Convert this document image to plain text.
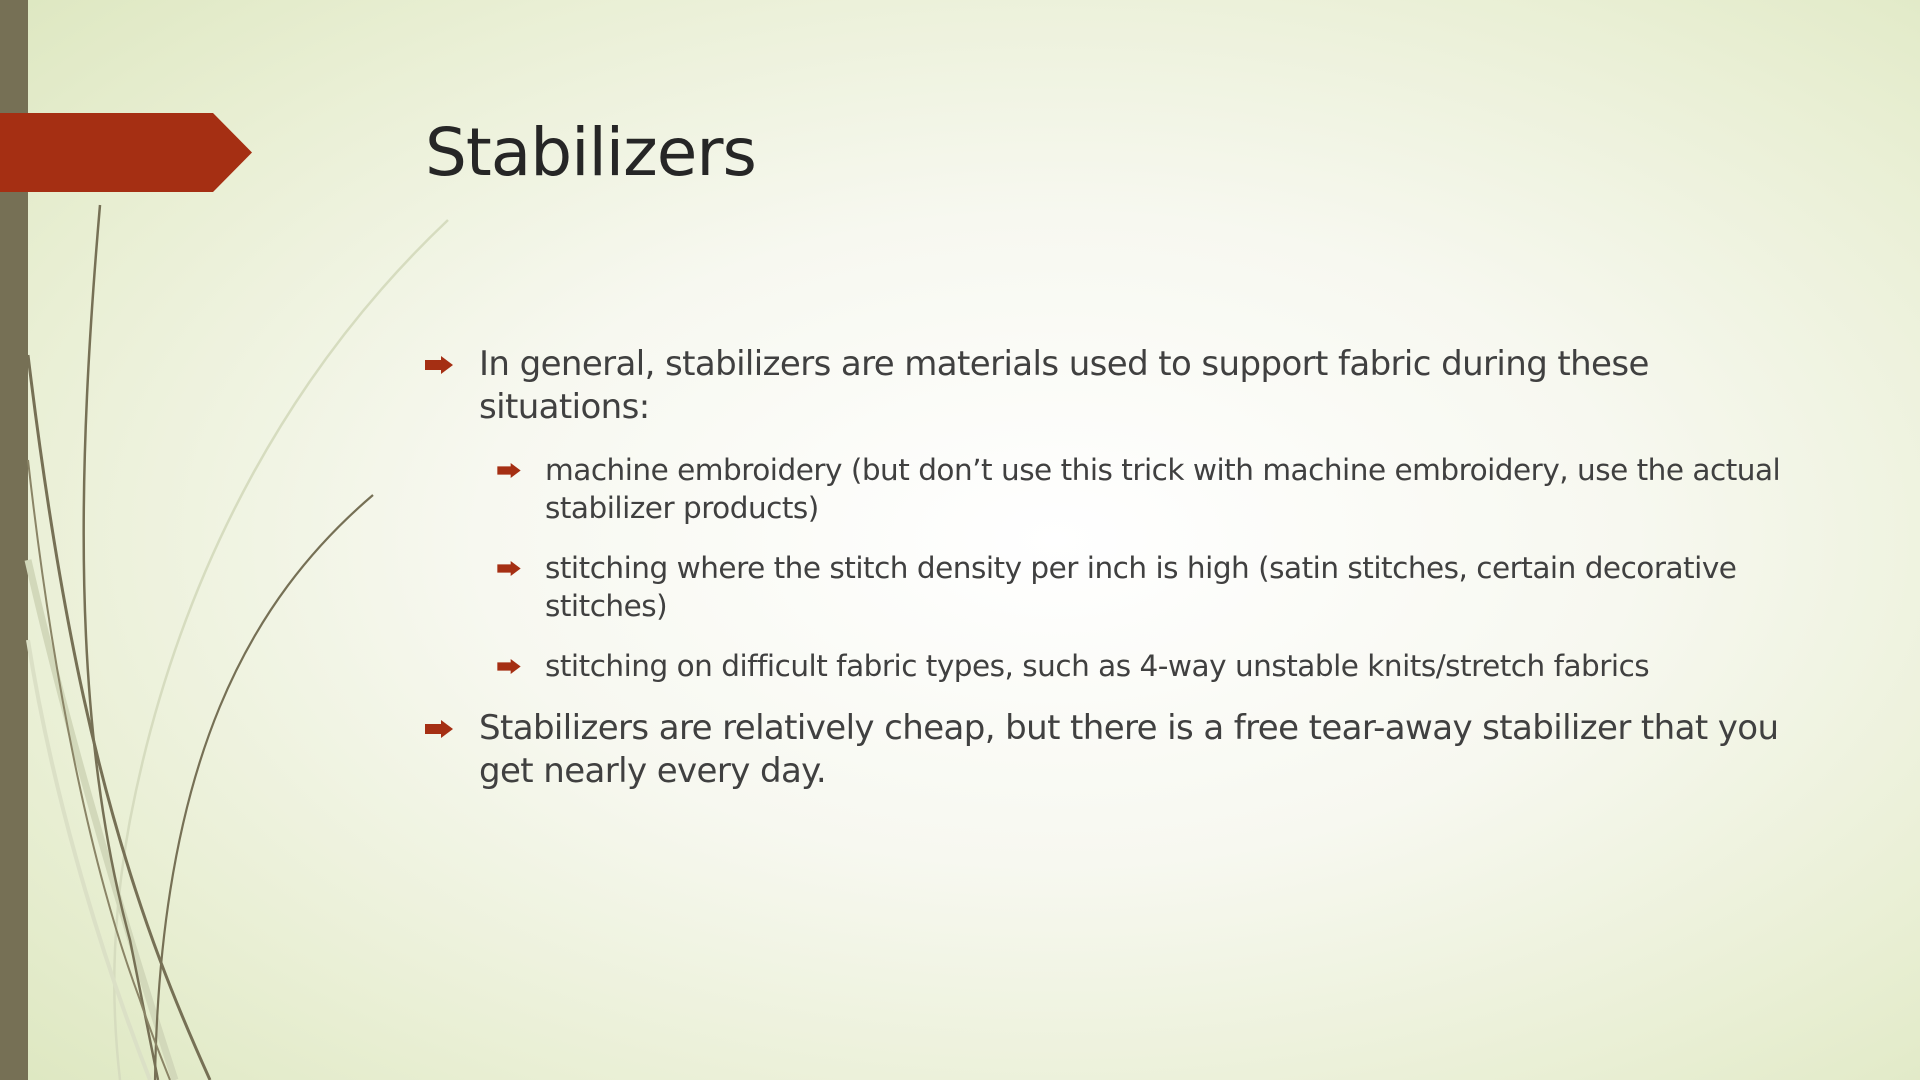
Stabilizers
In general, stabilizers are materials used to support fabric during these situations:
machine embroidery (but don’t use this trick with machine embroidery, use the actual stabilizer products)
stitching where the stitch density per inch is high (satin stitches, certain decorative stitches)
stitching on difficult fabric types, such as 4-way unstable knits/stretch fabrics
Stabilizers are relatively cheap, but there is a free tear-away stabilizer that you get nearly every day.
